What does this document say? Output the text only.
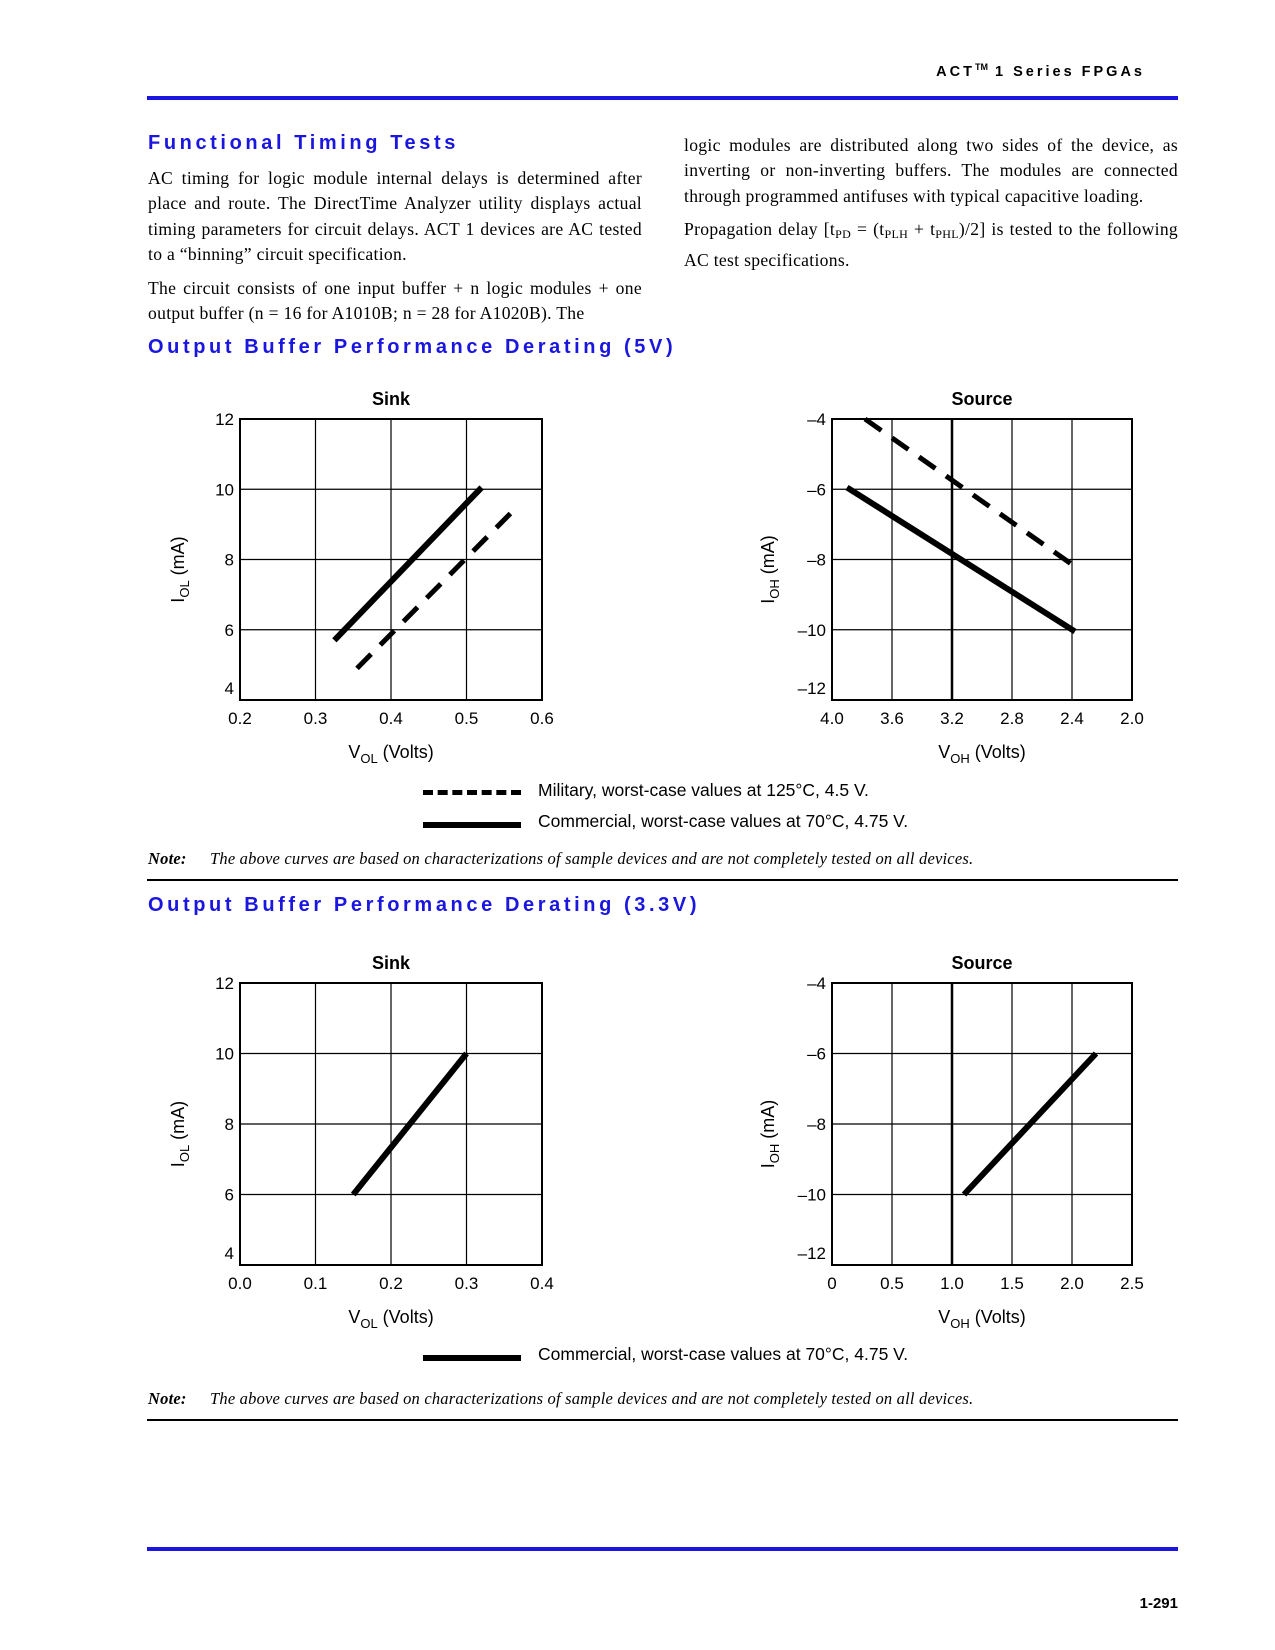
ACT™ 1 Series FPGAs
Functional Timing Tests

AC timing for logic module internal delays is determined after place and route. The DirectTime Analyzer utility displays actual timing parameters for circuit delays. ACT 1 devices are AC tested to a “binning” circuit specification.

The circuit consists of one input buffer + n logic modules + one output buffer (n = 16 for A1010B; n = 28 for A1020B). The

logic modules are distributed along two sides of the device, as inverting or non-inverting buffers. The modules are connected through programmed antifuses with typical capacitive loading.

Propagation delay $[t_{PD} = (t_{PLH} + t_{PHL})/2]$ is tested to the following AC test specifications.

Output Buffer Performance Derating (5V)
Sink
0.2	0.3	0.4	0.5	0.6
4
6
8
10
12
$V_{OL}$ (Volts)
$I_{OL}$ (mA)
Source
4.0 3.6 3.2 2.8 2.4 2.0
–12
–10
–8
–6
–4
$V_{OH}$ (Volts)
$I_{OH}$ (mA)
Sink
0.0	0.1	0.2	0.3	0.4
4
6
8
10
12
$V_{OL}$ (Volts)
$I_{OL}$ (mA)
Source
0	0.5 1.0 1.5 2.0 2.5
–12
–10
–8
–6
–4
$V_{OH}$ (Volts)
$I_{OH}$ (mA)
Military, worst-case values at 125°C, 4.5 V.
Commercial, worst-case values at 70°C, 4.75 V.
Note: The above curves are based on characterizations of sample devices and are not completely tested on all devices.
Output Buffer Performance Derating (3.3V)
Commercial, worst-case values at 70°C, 4.75 V.
Note: The above curves are based on characterizations of sample devices and are not completely tested on all devices.
1-291
